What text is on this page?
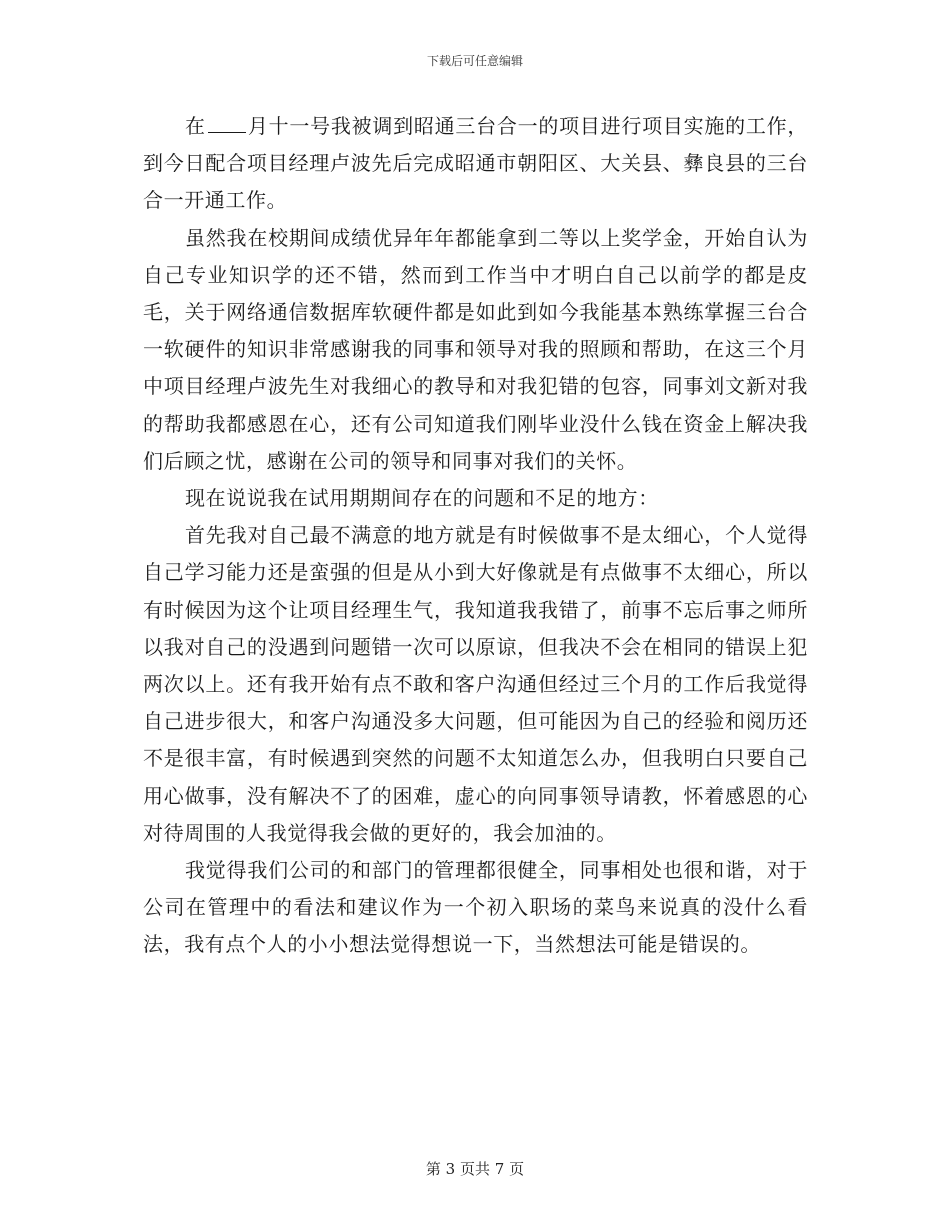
下载后可任意编辑

在 月十一号我被调到昭通三台合一的项目进行项目实施的工作，到今日配合项目经理卢波先后完成昭通市朝阳区、大关县、彝良县的三台合一开通工作。

虽然我在校期间成绩优异年年都能拿到二等以上奖学金，开始自认为自己专业知识学的还不错，然而到工作当中才明白自己以前学的都是皮毛，关于网络通信数据库软硬件都是如此到如今我能基本熟练掌握三台合一软硬件的知识非常感谢我的同事和领导对我的照顾和帮助，在这三个月中项目经理卢波先生对我细心的教导和对我犯错的包容，同事刘文新对我的帮助我都感恩在心，还有公司知道我们刚毕业没什么钱在资金上解决我们后顾之忧，感谢在公司的领导和同事对我们的关怀。

现在说说我在试用期期间存在的问题和不足的地方：

首先我对自己最不满意的地方就是有时候做事不是太细心，个人觉得自己学习能力还是蛮强的但是从小到大好像就是有点做事不太细心，所以有时候因为这个让项目经理生气，我知道我我错了，前事不忘后事之师所以我对自己的没遇到问题错一次可以原谅，但我决不会在相同的错误上犯两次以上。还有我开始有点不敢和客户沟通但经过三个月的工作后我觉得自己进步很大，和客户沟通没多大问题，但可能因为自己的经验和阅历还不是很丰富，有时候遇到突然的问题不太知道怎么办，但我明白只要自己用心做事，没有解决不了的困难，虚心的向同事领导请教，怀着感恩的心对待周围的人我觉得我会做的更好的，我会加油的。

我觉得我们公司的和部门的管理都很健全，同事相处也很和谐，对于公司在管理中的看法和建议作为一个初入职场的菜鸟来说真的没什么看法，我有点个人的小小想法觉得想说一下，当然想法可能是错误的。

第 3 页共 7 页
